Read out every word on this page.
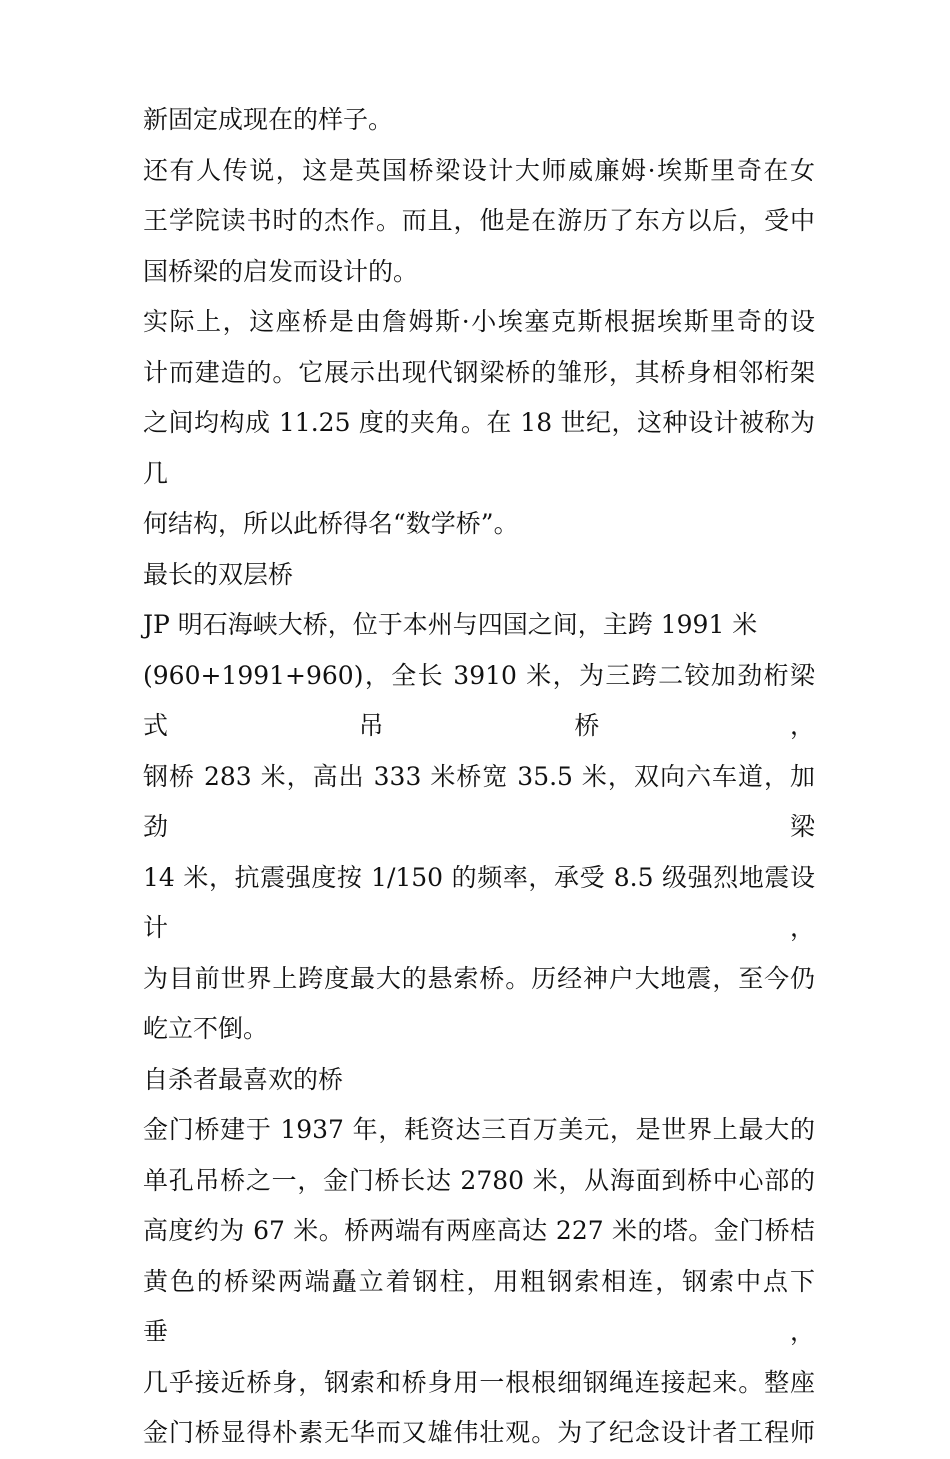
新固定成现在的样子。

还有人传说，这是英国桥梁设计大师威廉姆·埃斯里奇在女
王学院读书时的杰作。而且，他是在游历了东方以后，受中
国桥梁的启发而设计的。

实际上，这座桥是由詹姆斯·小埃塞克斯根据埃斯里奇的设
计而建造的。它展示出现代钢梁桥的雏形，其桥身相邻桁架
之间均构成 11.25 度的夹角。在 18 世纪，这种设计被称为几
何结构，所以此桥得名“数学桥”。

最长的双层桥

JP 明石海峡大桥，位于本州与四国之间，主跨 1991 米
(960+1991+960)，全长 3910 米，为三跨二铰加劲桁梁式吊桥，
钢桥 283 米，高出 333 米桥宽 35.5 米，双向六车道，加劲梁
14 米，抗震强度按 1/150 的频率，承受 8.5 级强烈地震设计，
为目前世界上跨度最大的悬索桥。历经神户大地震，至今仍
屹立不倒。

自杀者最喜欢的桥

金门桥建于 1937 年，耗资达三百万美元，是世界上最大的
单孔吊桥之一，金门桥长达 2780 米，从海面到桥中心部的
高度约为 67 米。桥两端有两座高达 227 米的塔。金门桥桔
黄色的桥梁两端矗立着钢柱，用粗钢索相连，钢索中点下垂，
几乎接近桥身，钢索和桥身用一根根细钢绳连接起来。整座
金门桥显得朴素无华而又雄伟壮观。为了纪念设计者工程师
